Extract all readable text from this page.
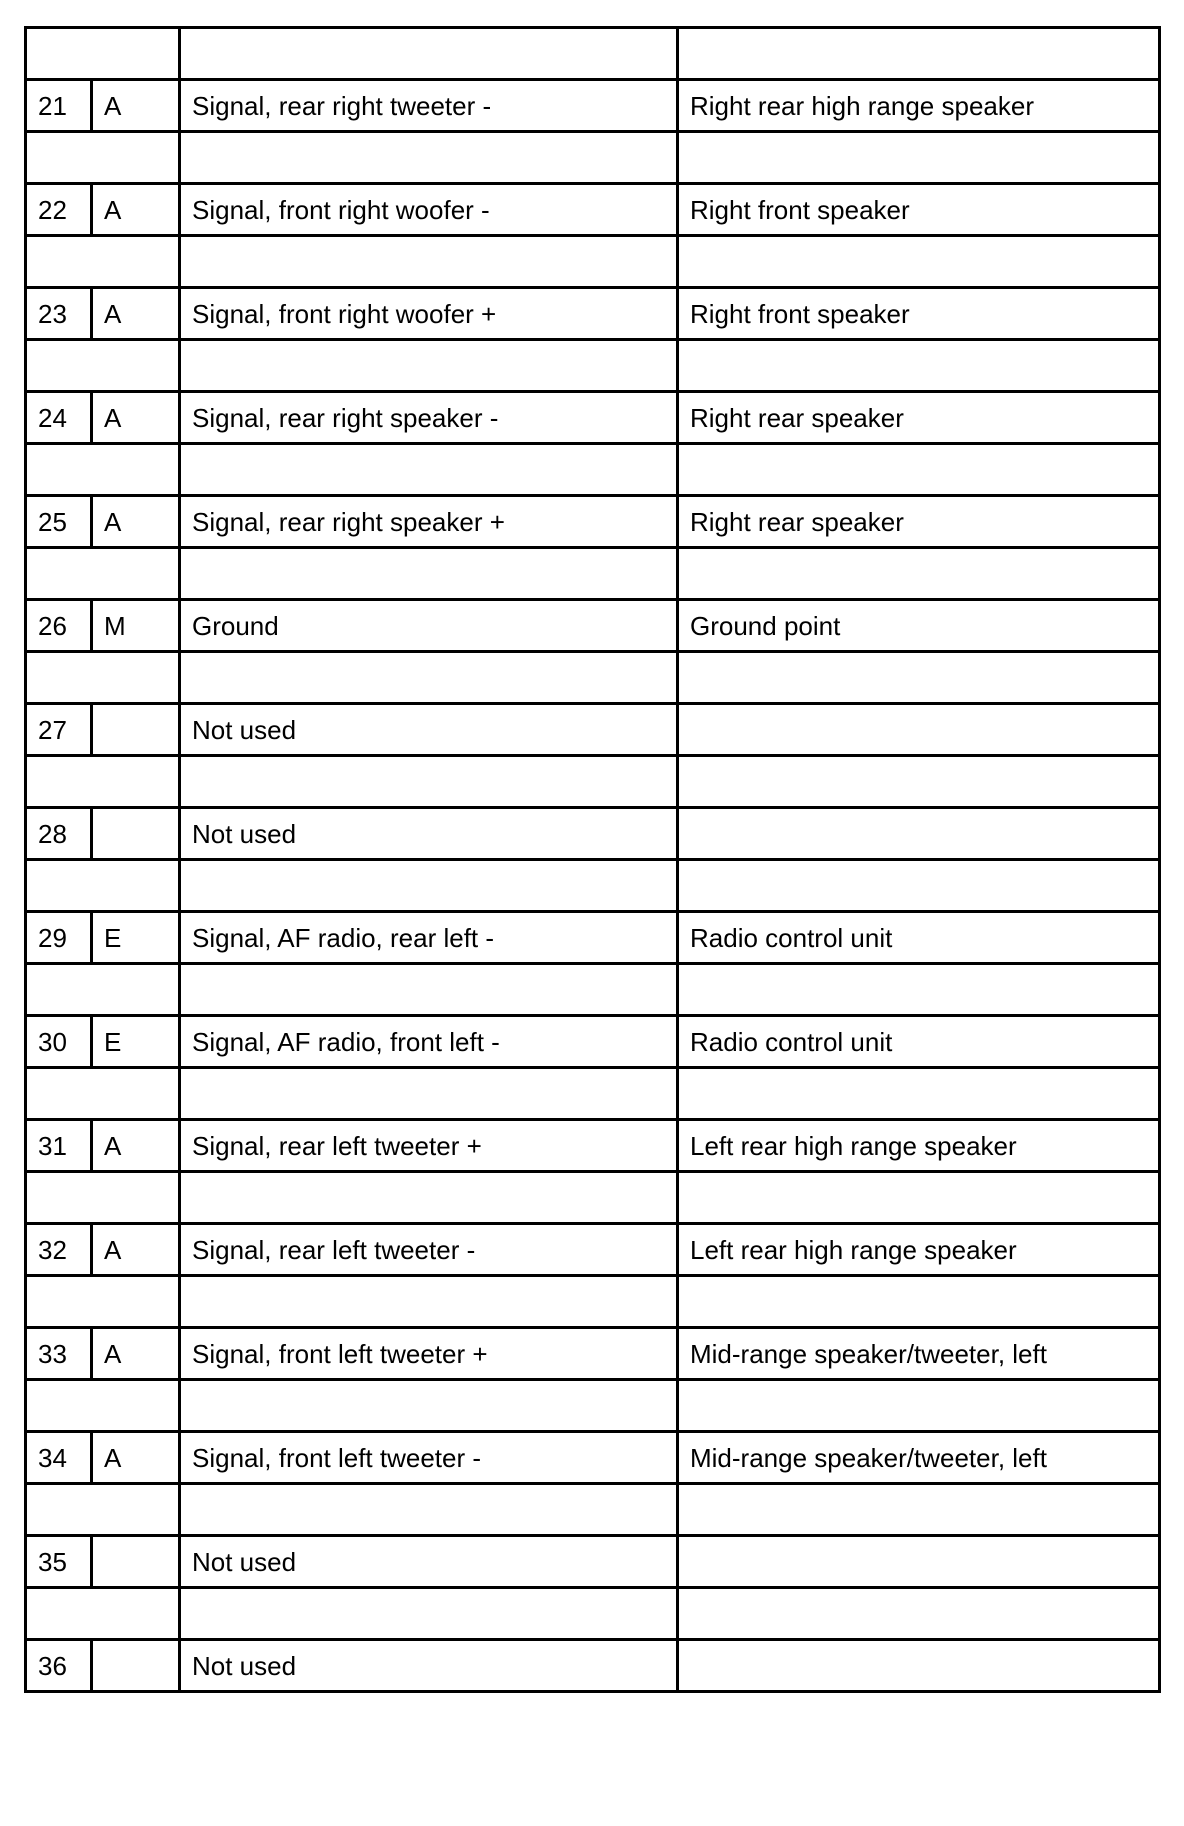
21	A	Signal, rear right tweeter -	Right rear high range speaker

22	A	Signal, front right woofer -	Right front speaker

23	A	Signal, front right woofer +	Right front speaker

24	A	Signal, rear right speaker -	Right rear speaker

25	A	Signal, rear right speaker +	Right rear speaker

26	M	Ground	Ground point

27		Not used	

28		Not used	

29	E	Signal, AF radio, rear left -	Radio control unit

30	E	Signal, AF radio, front left -	Radio control unit

31	A	Signal, rear left tweeter +	Left rear high range speaker

32	A	Signal, rear left tweeter -	Left rear high range speaker

33	A	Signal, front left tweeter +	Mid-range speaker/tweeter, left

34	A	Signal, front left tweeter -	Mid-range speaker/tweeter, left

35		Not used	

36		Not used	
